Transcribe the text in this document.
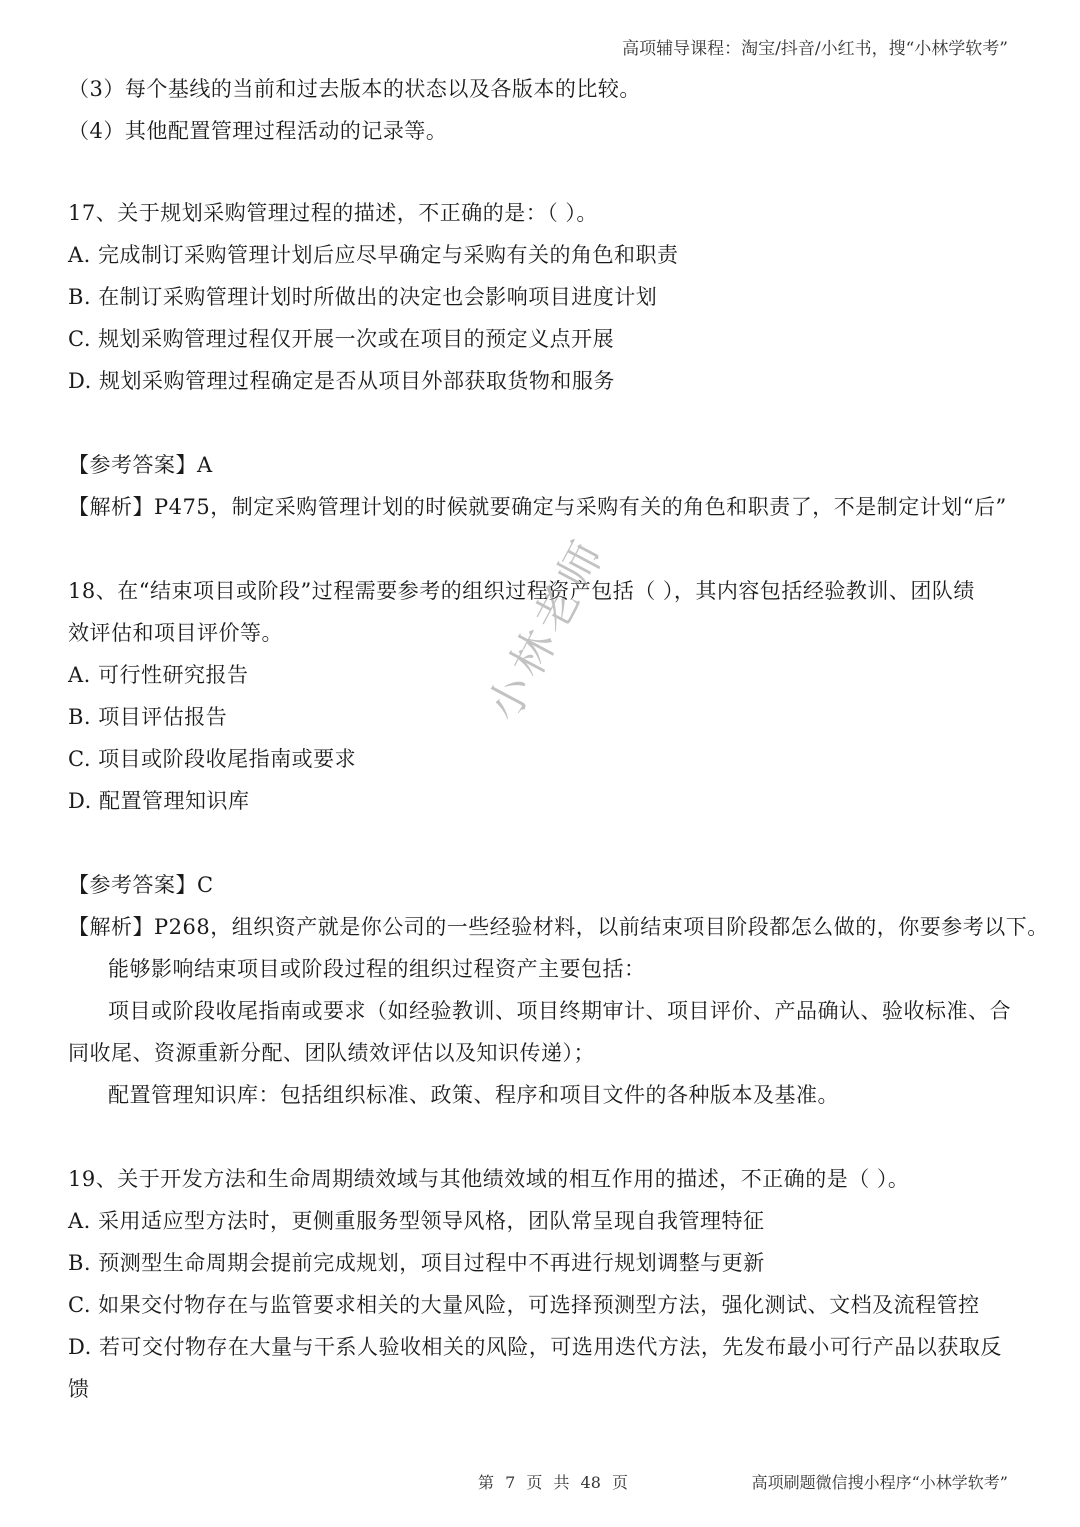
高项辅导课程：淘宝/抖音/小红书，搜“小林学软考”
（3）每个基线的当前和过去版本的状态以及各版本的比较。
（4）其他配置管理过程活动的记录等。
17、关于规划采购管理过程的描述，不正确的是：（ ）。
A. 完成制订采购管理计划后应尽早确定与采购有关的角色和职责
B. 在制订采购管理计划时所做出的决定也会影响项目进度计划
C. 规划采购管理过程仅开展一次或在项目的预定义点开展
D. 规划采购管理过程确定是否从项目外部获取货物和服务
【参考答案】A
【解析】P475，制定采购管理计划的时候就要确定与采购有关的角色和职责了，不是制定计划“后”
18、在“结束项目或阶段”过程需要参考的组织过程资产包括（ ），其内容包括经验教训、团队绩
效评估和项目评价等。
A. 可行性研究报告
B. 项目评估报告
C. 项目或阶段收尾指南或要求
D. 配置管理知识库
【参考答案】C
【解析】P268，组织资产就是你公司的一些经验材料，以前结束项目阶段都怎么做的，你要参考以下。
能够影响结束项目或阶段过程的组织过程资产主要包括：
项目或阶段收尾指南或要求（如经验教训、项目终期审计、项目评价、产品确认、验收标准、合
同收尾、资源重新分配、团队绩效评估以及知识传递）；
配置管理知识库：包括组织标准、政策、程序和项目文件的各种版本及基准。
19、关于开发方法和生命周期绩效域与其他绩效域的相互作用的描述，不正确的是（ ）。
A. 采用适应型方法时，更侧重服务型领导风格，团队常呈现自我管理特征
B. 预测型生命周期会提前完成规划，项目过程中不再进行规划调整与更新
C. 如果交付物存在与监管要求相关的大量风险，可选择预测型方法，强化测试、文档及流程管控
D. 若可交付物存在大量与干系人验收相关的风险，可选用迭代方法，先发布最小可行产品以获取反
馈
小林老师
第 7 页 共 48 页	高项刷题微信搜小程序“小林学软考”
